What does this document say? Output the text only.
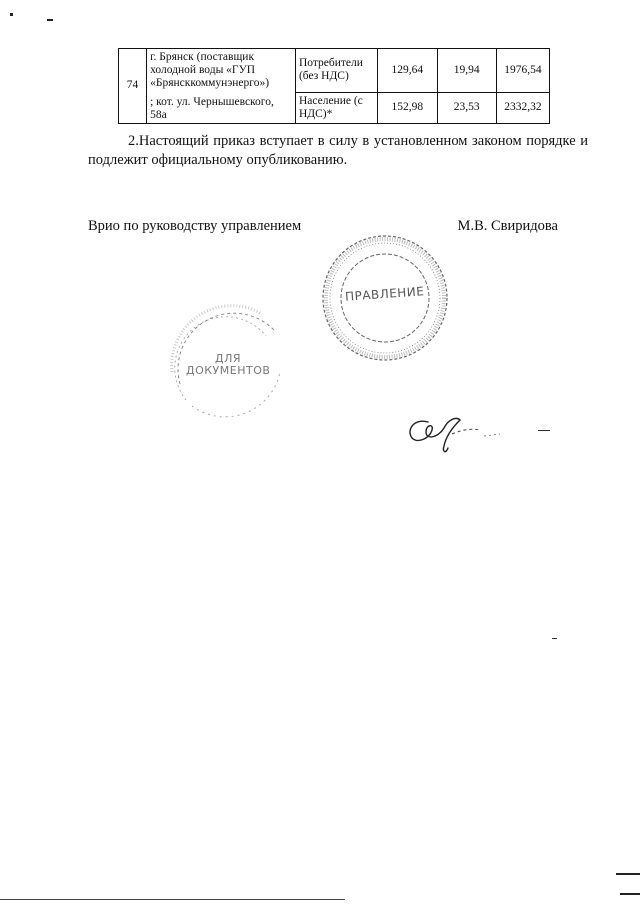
74	г. Брянск (поставщик холодной воды «ГУП «Брянсккоммунэнерго»)	Потребители (без НДС)	129,64	19,94	1976,54
	; кот. ул. Чернышевского, 58а	Население (с НДС)*	152,98	23,53	2332,32
2.Настоящий приказ вступает в силу в установленном законом порядке и подлежит официальному опубликованию.
Врио по руководству управлением	М.В. Свиридова
ПРАВЛЕНИЕ
ДЛЯ
ДОКУМЕНТОВ
